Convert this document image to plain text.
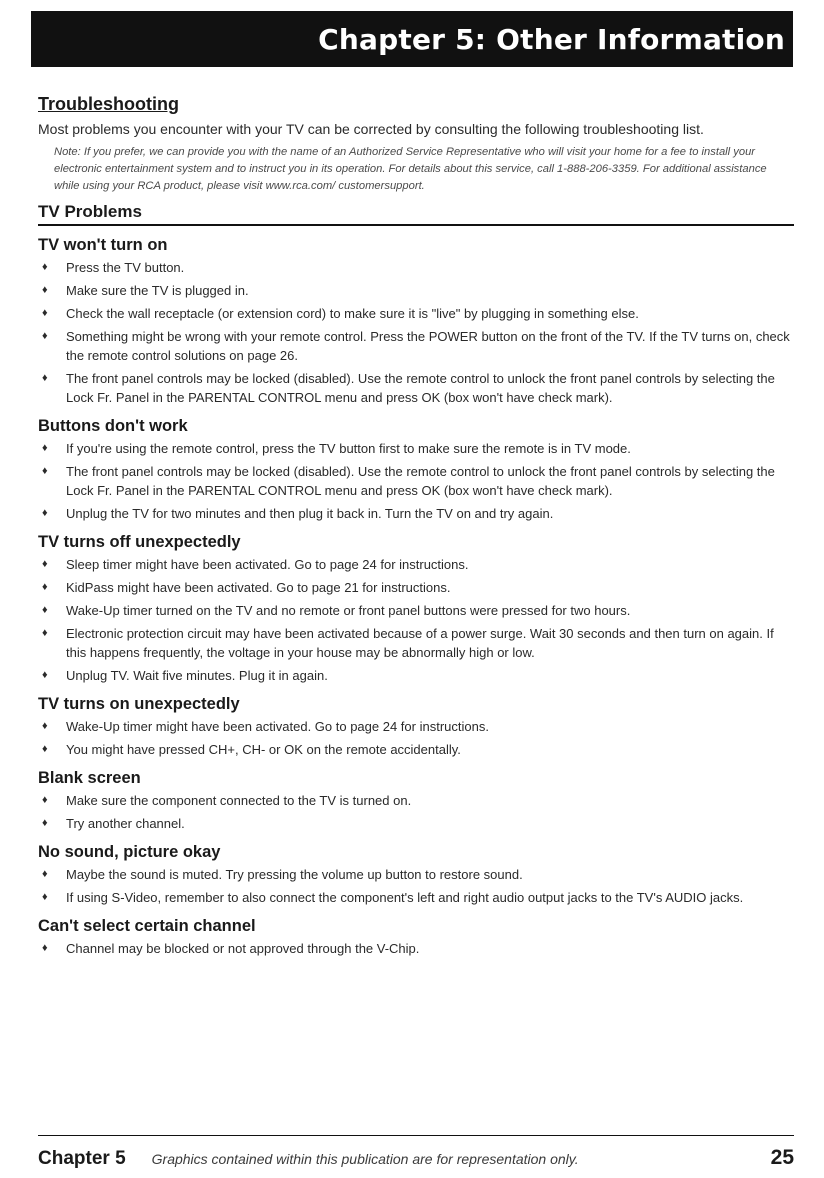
Chapter 5: Other Information
Troubleshooting

Most problems you encounter with your TV can be corrected by consulting the following troubleshooting list.

Note: If you prefer, we can provide you with the name of an Authorized Service Representative who will visit your home for a fee to install your electronic entertainment system and to instruct you in its operation. For details about this service, call 1-888-206-3359. For additional assistance while using your RCA product, please visit www.rca.com/ customersupport.

TV Problems
TV won't turn on
♦ Press the TV button.
♦ Make sure the TV is plugged in.
♦ Check the wall receptacle (or extension cord) to make sure it is "live" by plugging in something else.
♦ Something might be wrong with your remote control. Press the POWER button on the front of the TV. If the TV turns on, check the remote control solutions on page 26.
♦ The front panel controls may be locked (disabled). Use the remote control to unlock the front panel controls by selecting the Lock Fr. Panel in the PARENTAL CONTROL menu and press OK (box won't have check mark).
Buttons don't work
♦ If you're using the remote control, press the TV button first to make sure the remote is in TV mode.
♦ The front panel controls may be locked (disabled). Use the remote control to unlock the front panel controls by selecting the Lock Fr. Panel in the PARENTAL CONTROL menu and press OK (box won't have check mark).
♦ Unplug the TV for two minutes and then plug it back in. Turn the TV on and try again.
TV turns off unexpectedly
♦ Sleep timer might have been activated. Go to page 24 for instructions.
♦ KidPass might have been activated. Go to page 21 for instructions.
♦ Wake-Up timer turned on the TV and no remote or front panel buttons were pressed for two hours.
♦ Electronic protection circuit may have been activated because of a power surge. Wait 30 seconds and then turn on again. If this happens frequently, the voltage in your house may be abnormally high or low.
♦ Unplug TV. Wait five minutes. Plug it in again.
TV turns on unexpectedly
♦ Wake-Up timer might have been activated. Go to page 24 for instructions.
♦ You might have pressed CH+, CH- or OK on the remote accidentally.
Blank screen
♦ Make sure the component connected to the TV is turned on.
♦ Try another channel.
No sound, picture okay
♦ Maybe the sound is muted. Try pressing the volume up button to restore sound.
♦ If using S-Video, remember to also connect the component's left and right audio output jacks to the TV's AUDIO jacks.
Can't select certain channel
♦ Channel may be blocked or not approved through the V-Chip.
Chapter 5 Graphics contained within this publication are for representation only.	25
